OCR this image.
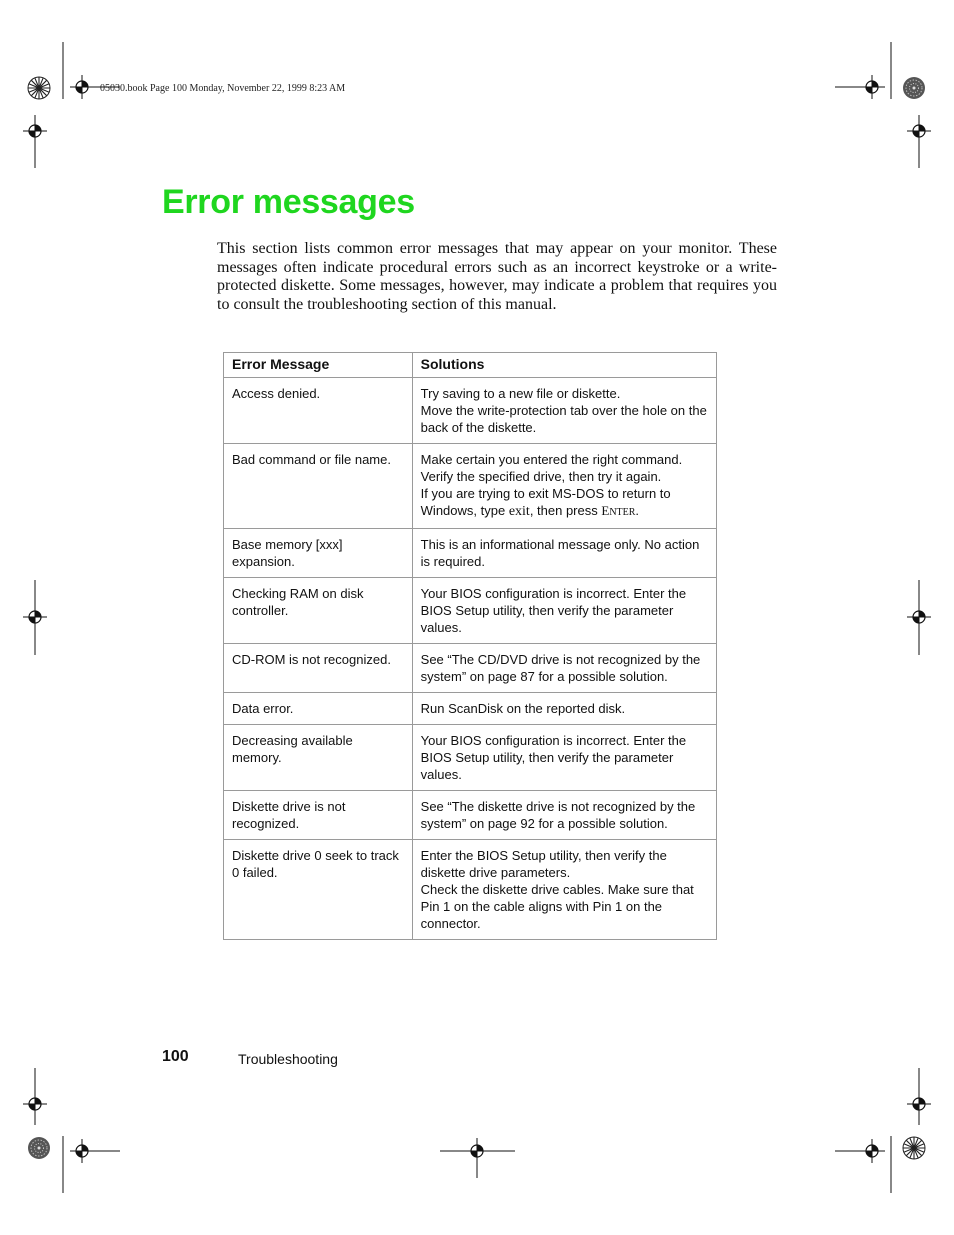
05030.book Page 100 Monday, November 22, 1999 8:23 AM
Error messages

This section lists common error messages that may appear on your monitor. These messages often indicate procedural errors such as an incorrect keystroke or a write-protected diskette. Some messages, however, may indicate a problem that requires you to consult the troubleshooting section of this manual.

Error Message	Solutions
Access denied.	Try saving to a new file or diskette.
Move the write-protection tab over the hole on the back of the diskette.

Bad command or file name.	Make certain you entered the right command.
Verify the specified drive, then try it again.
If you are trying to exit MS-DOS to return to Windows, type exit, then press ENTER.

Base memory [xxx] expansion.	This is an informational message only. No action is required.

Checking RAM on disk controller.	Your BIOS configuration is incorrect. Enter the BIOS Setup utility, then verify the parameter values.

CD-ROM is not recognized.	See “The CD/DVD drive is not recognized by the system” on page 87 for a possible solution.

Data error.	Run ScanDisk on the reported disk.

Decreasing available memory.	Your BIOS configuration is incorrect. Enter the BIOS Setup utility, then verify the parameter values.

Diskette drive is not recognized.	See “The diskette drive is not recognized by the system” on page 92 for a possible solution.

Diskette drive 0 seek to track 0 failed.	Enter the BIOS Setup utility, then verify the diskette drive parameters.
Check the diskette drive cables. Make sure that Pin 1 on the cable aligns with Pin 1 on the connector.
100	Troubleshooting
